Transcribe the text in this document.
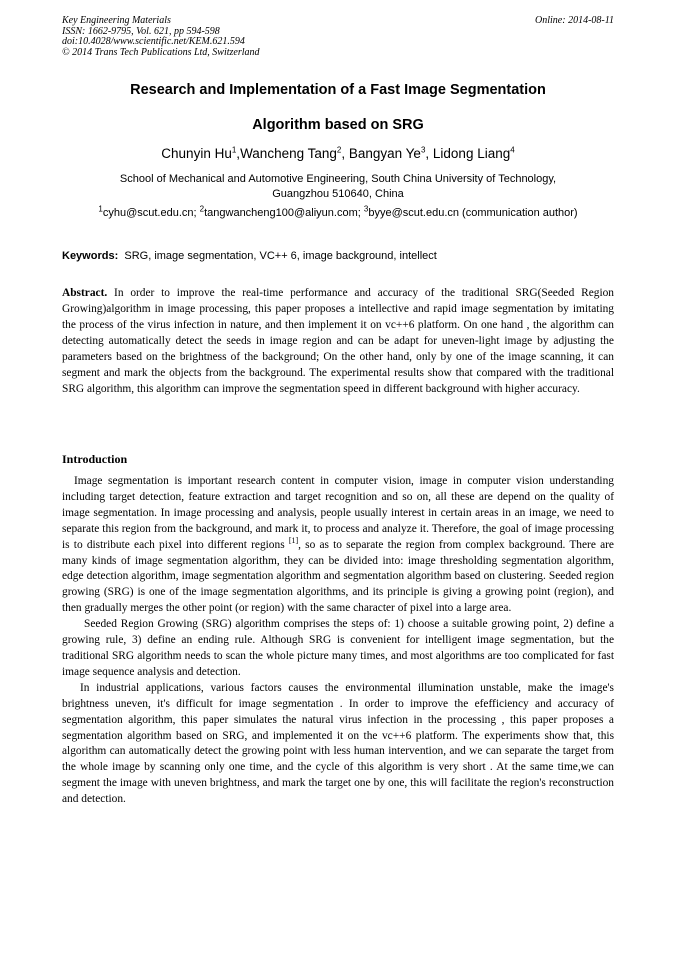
Key Engineering Materials
ISSN: 1662-9795, Vol. 621, pp 594-598
doi:10.4028/www.scientific.net/KEM.621.594
© 2014 Trans Tech Publications Ltd, Switzerland
Online: 2014-08-11
Research and Implementation of a Fast Image Segmentation
Algorithm based on SRG
Chunyin Hu$^1$,Wancheng Tang$^2$, Bangyan Ye$^3$, Lidong Liang$^4$
School of Mechanical and Automotive Engineering, South China University of Technology,
Guangzhou 510640, China
$^1$cyhu@scut.edu.cn; $^2$tangwancheng100@aliyun.com; $^3$byye@scut.edu.cn (communication author)
Keywords: SRG, image segmentation, VC++ 6, image background, intellect
Abstract. In order to improve the real-time performance and accuracy of the traditional SRG(Seeded Region Growing)algorithm in image processing, this paper proposes a intellective and rapid image segmentation by imitating the process of the virus infection in nature, and then implement it on vc++6 platform. On one hand , the algorithm can detecting automatically detect the seeds in image region and can be adapt for uneven-light image by adjusting the parameters based on the brightness of the background; On the other hand, only by one of the image scanning, it can segment and mark the objects from the background. The experimental results show that compared with the traditional SRG algorithm, this algorithm can improve the segmentation speed in different background with higher accuracy.
Introduction

Image segmentation is important research content in computer vision, image in computer vision understanding including target detection, feature extraction and target recognition and so on, all these are depend on the quality of image segmentation. In image processing and analysis, people usually interest in certain areas in an image, we need to separate this region from the background, and mark it, to process and analyze it. Therefore, the goal of image processing is to distribute each pixel into different regions [1], so as to separate the region from complex background. There are many kinds of image segmentation algorithm, they can be divided into: image thresholding segmentation algorithm, edge detection algorithm, image segmentation algorithm and segmentation algorithm based on clustering. Seeded region growing (SRG) is one of the image segmentation algorithms, and its principle is giving a growing point (region), and then gradually merges the other point (or region) with the same character of pixel into a large area.

Seeded Region Growing (SRG) algorithm comprises the steps of: 1) choose a suitable growing point, 2) define a growing rule, 3) define an ending rule. Although SRG is convenient for intelligent image segmentation, but the traditional SRG algorithm needs to scan the whole picture many times, and most algorithms are too complicated for fast image sequence analysis and detection.

In industrial applications, various factors causes the environmental illumination unstable, make the image's brightness uneven, it's difficult for image segmentation . In order to improve the efefficiency and accuracy of segmentation algorithm, this paper simulates the natural virus infection in the processing , this paper proposes a segmentation algorithm based on SRG, and implemented it on the vc++6 platform. The experiments show that, this algorithm can automatically detect the growing point with less human intervention, and we can separate the target from the whole image by scanning only one time, and the cycle of this algorithm is very short . At the same time,we can segment the image with uneven brightness, and mark the target one by one, this will facilitate the region's reconstruction and detection.
